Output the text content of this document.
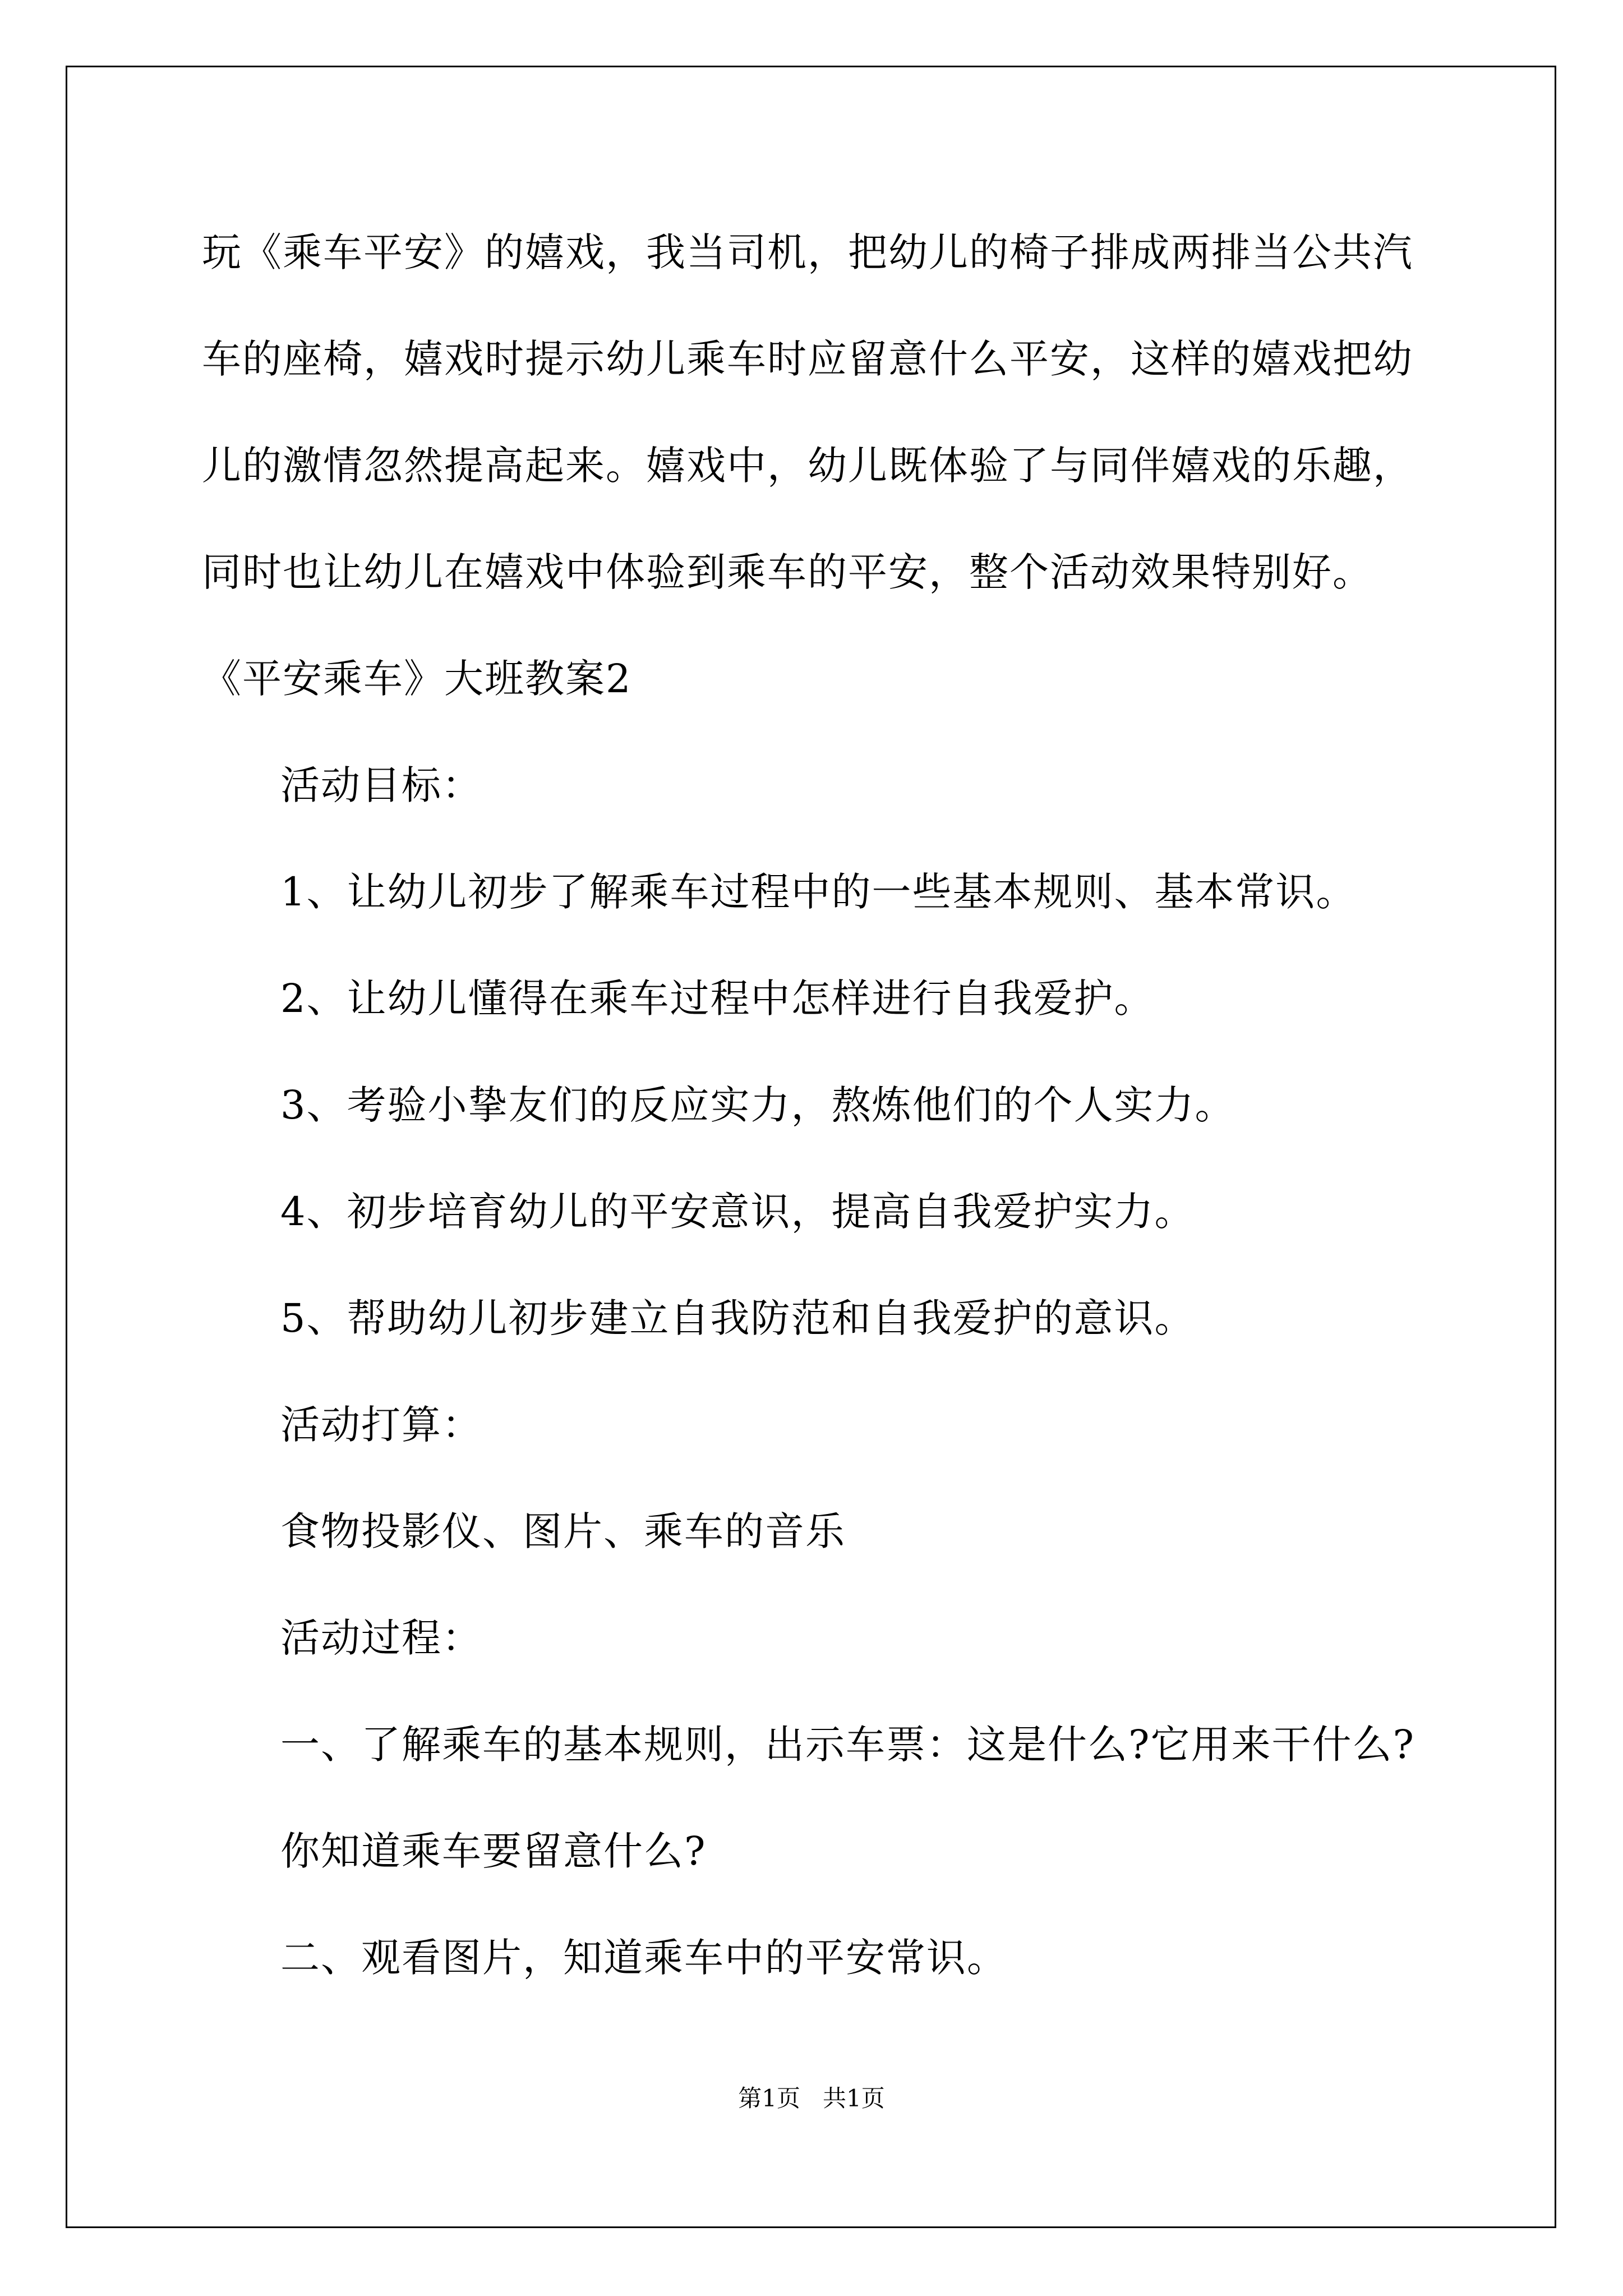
玩《乘车平安》的嬉戏，我当司机，把幼儿的椅子排成两排当公共汽
车的座椅，嬉戏时提示幼儿乘车时应留意什么平安，这样的嬉戏把幼
儿的激情忽然提高起来。嬉戏中，幼儿既体验了与同伴嬉戏的乐趣，
同时也让幼儿在嬉戏中体验到乘车的平安，整个活动效果特别好。
《平安乘车》大班教案2
活动目标：
1、让幼儿初步了解乘车过程中的一些基本规则、基本常识。
2、让幼儿懂得在乘车过程中怎样进行自我爱护。
3、考验小挚友们的反应实力，熬炼他们的个人实力。
4、初步培育幼儿的平安意识，提高自我爱护实力。
5、帮助幼儿初步建立自我防范和自我爱护的意识。
活动打算：
食物投影仪、图片、乘车的音乐
活动过程：
一、了解乘车的基本规则，出示车票：这是什么?它用来干什么?
你知道乘车要留意什么?
二、观看图片，知道乘车中的平安常识。
第1页   共1页
